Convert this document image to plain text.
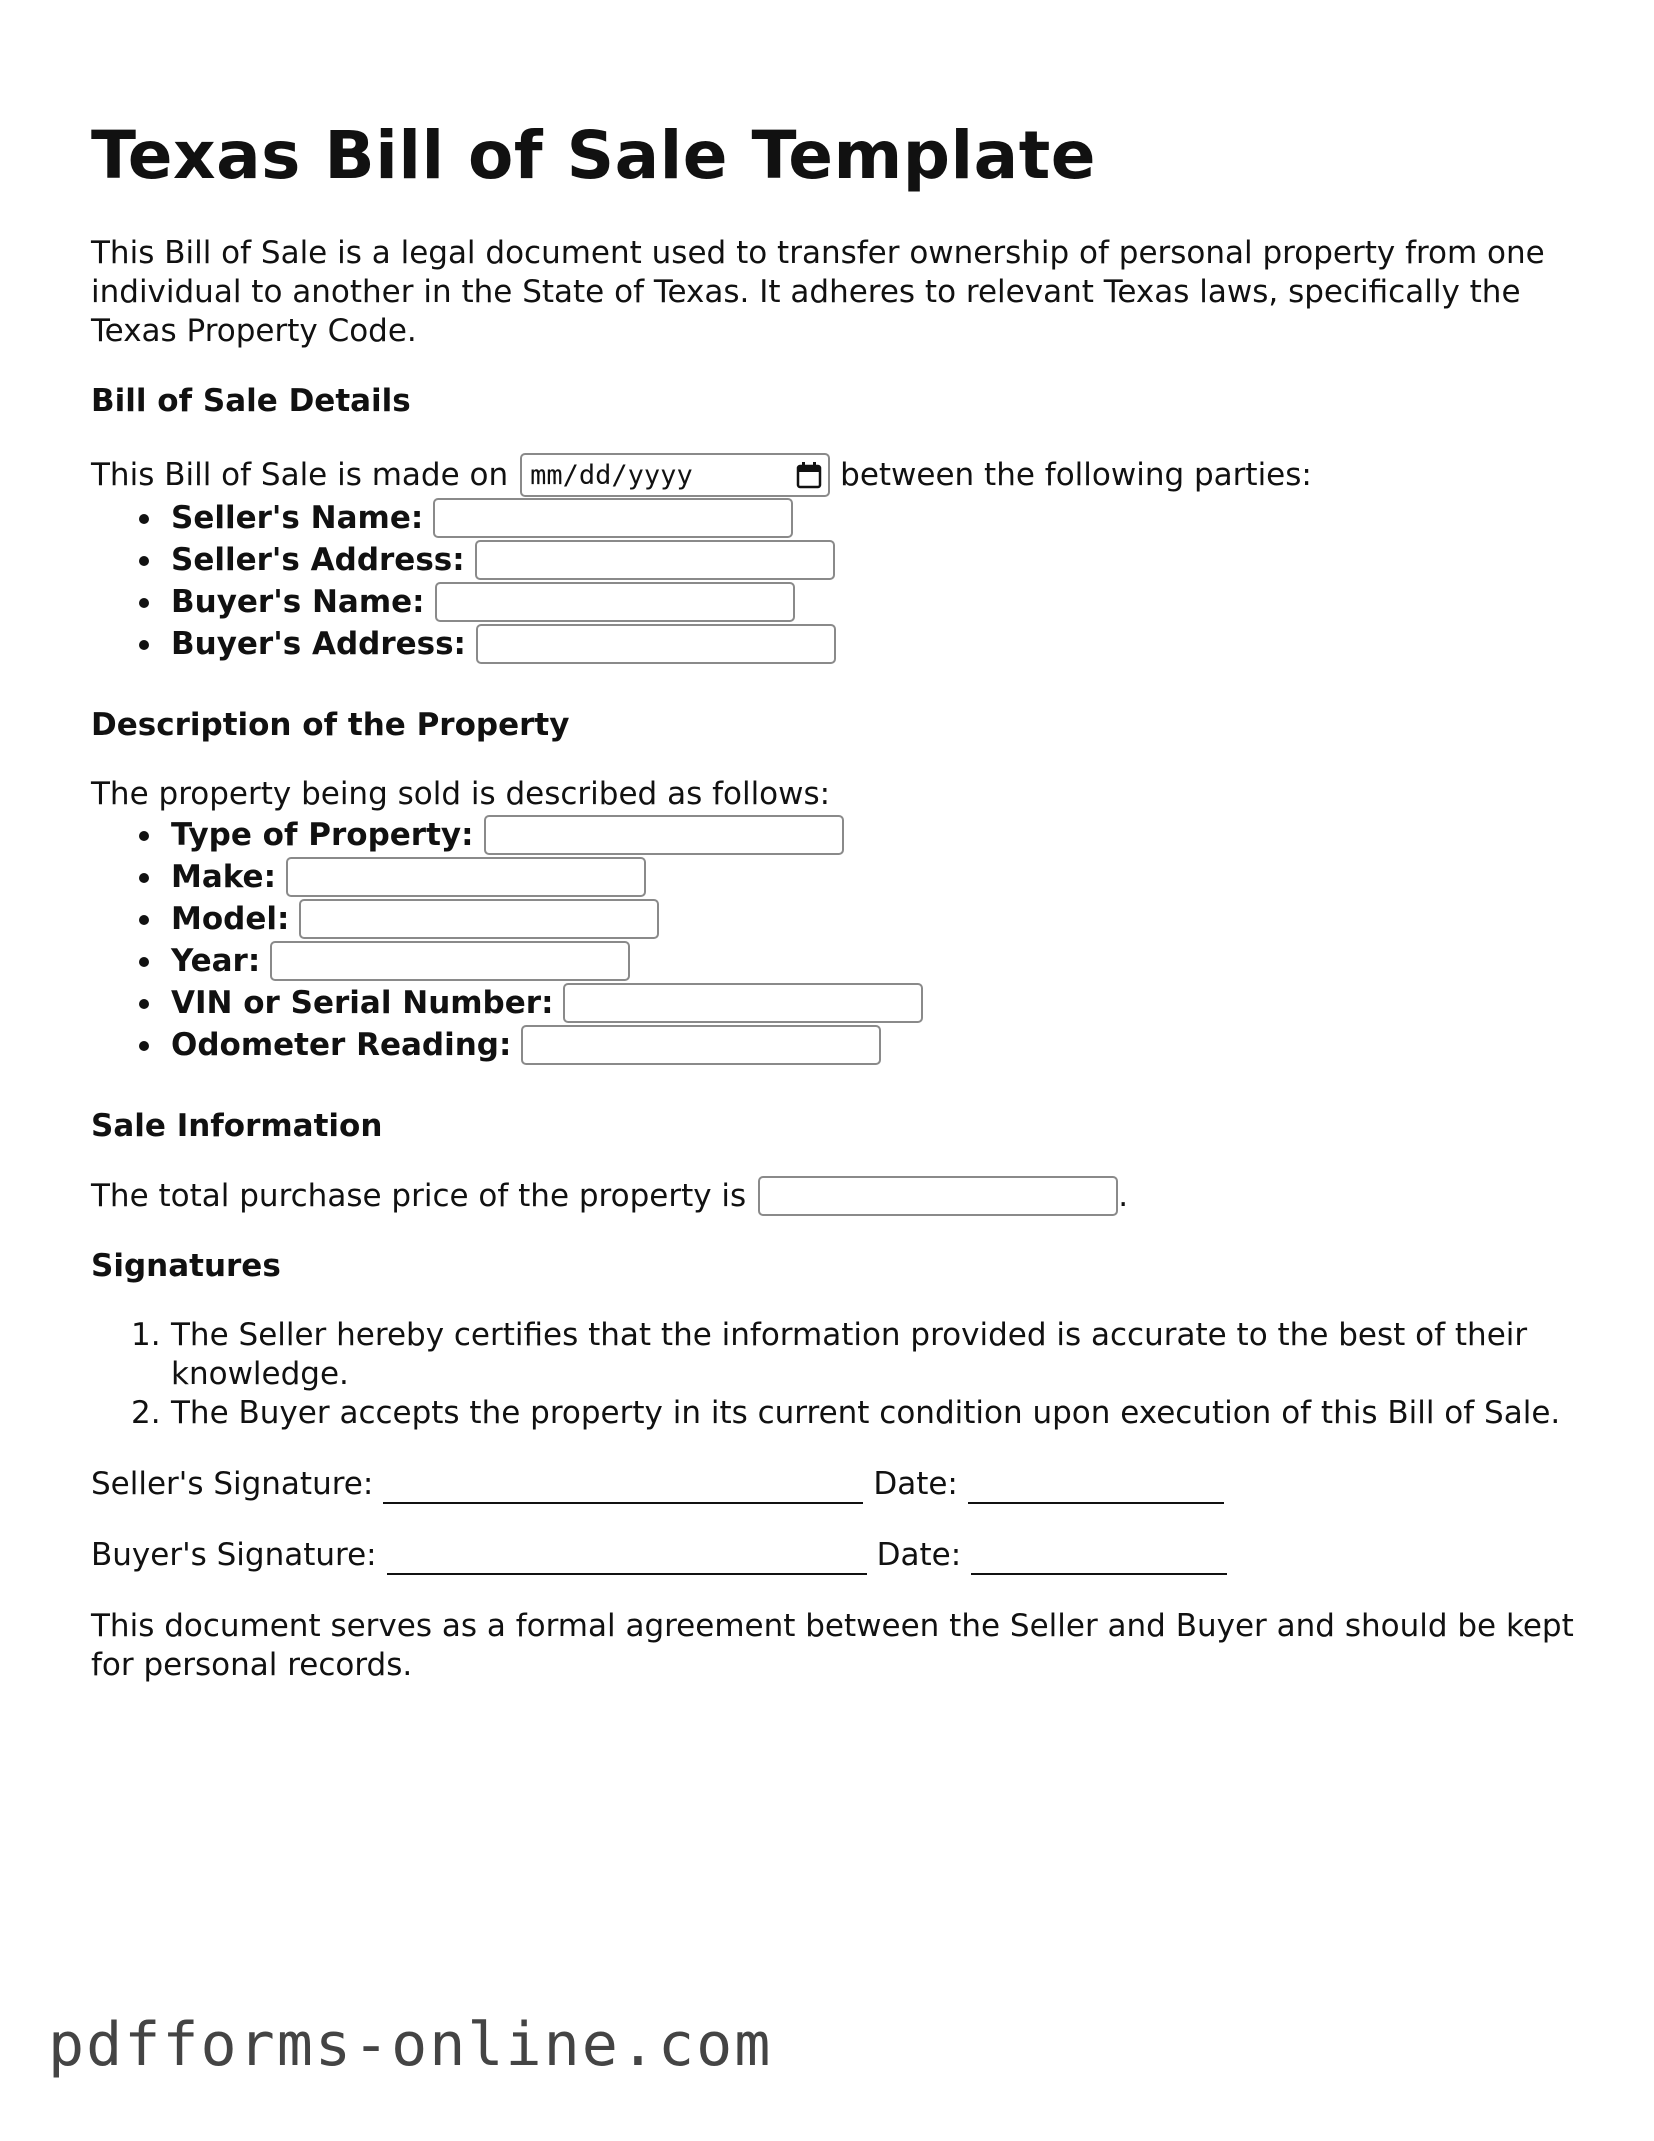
Texas Bill of Sale Template

This Bill of Sale is a legal document used to transfer ownership of personal property from one individual to another in the State of Texas. It adheres to relevant Texas laws, specifically the Texas Property Code.

Bill of Sale Details

This Bill of Sale is made on mm/dd/yyyy	between the following parties:

Seller's Name:
Seller's Address:
Buyer's Name:
Buyer's Address:
Description of the Property

The property being sold is described as follows:

Type of Property:
Make:
Model:
Year:
VIN or Serial Number:
Odometer Reading:
Sale Information

The total purchase price of the property is	.

Signatures
1. The Seller hereby certifies that the information provided is accurate to the best of their knowledge.
2. The Buyer accepts the property in its current condition upon execution of this Bill of Sale.

Seller's Signature:	Date:

Buyer's Signature:	Date:

This document serves as a formal agreement between the Seller and Buyer and should be kept for personal records.

pdfforms-online.com
